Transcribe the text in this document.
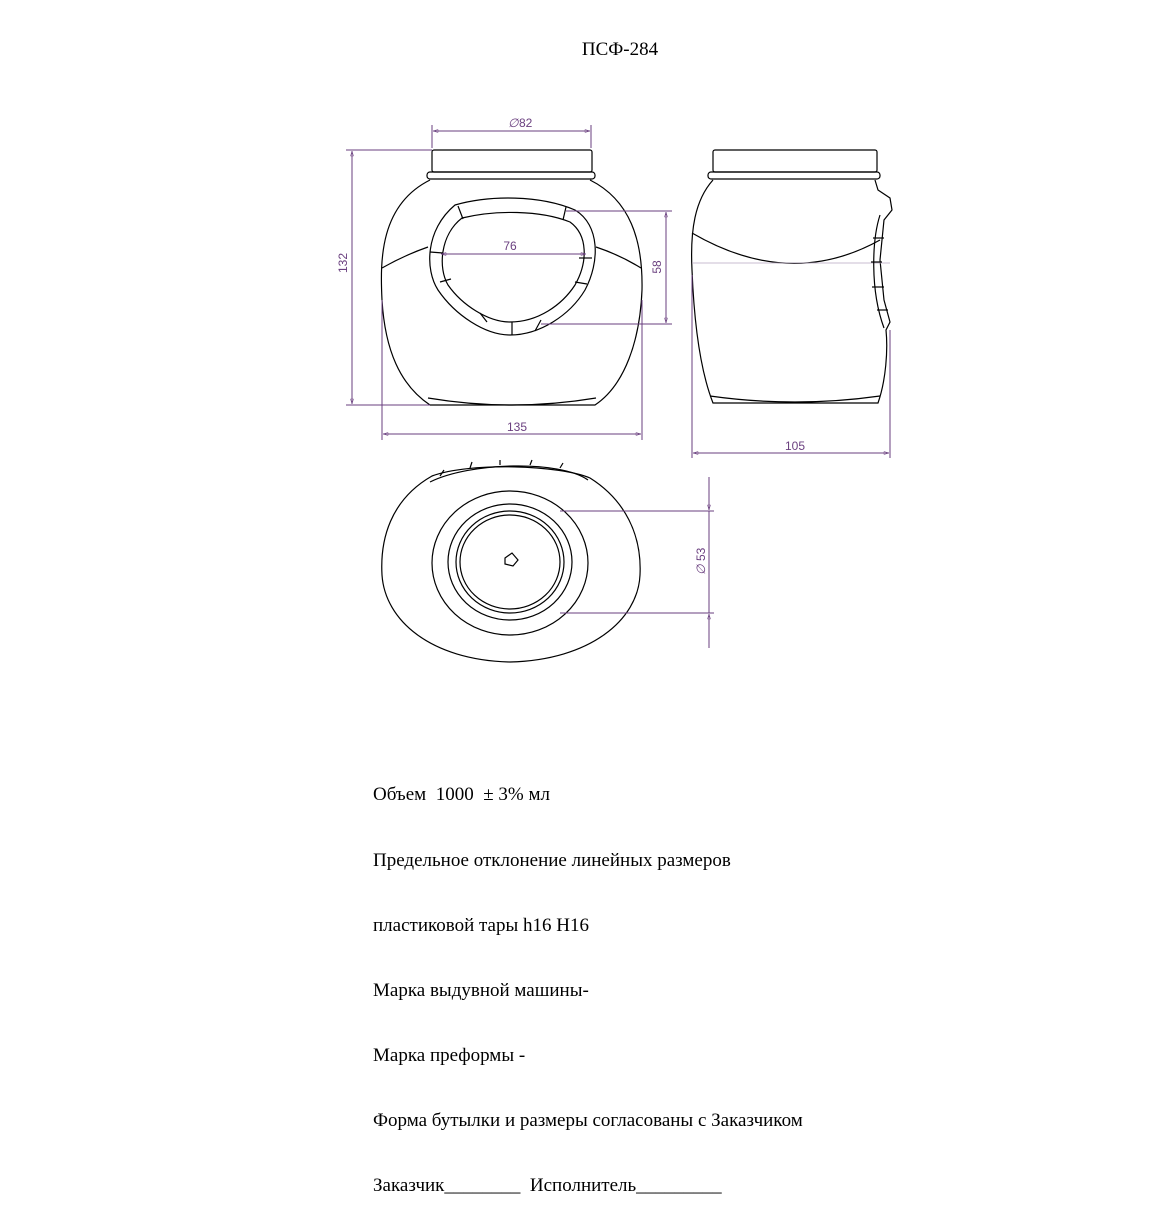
ПСФ-284
∅ 82
76
58
132
135
105
∅
53

Объем  1000  ± 3% мл

Предельное отклонение линейных размеров

пластиковой тары h16 H16

Марка выдувной машины-

Марка преформы -

Форма бутылки и размеры согласованы с Заказчиком

Заказчик________  Исполнитель_________
